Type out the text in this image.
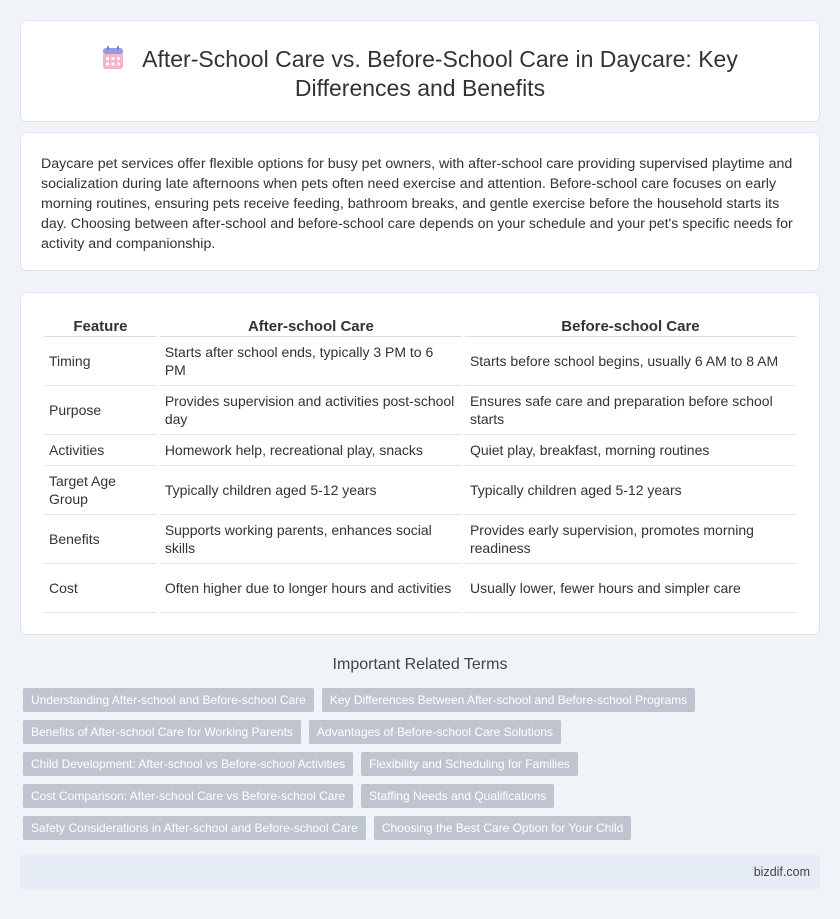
After-School Care vs. Before-School Care in Daycare: Key Differences and Benefits

Daycare pet services offer flexible options for busy pet owners, with after-school care providing supervised playtime and socialization during late afternoons when pets often need exercise and attention. Before-school care focuses on early morning routines, ensuring pets receive feeding, bathroom breaks, and gentle exercise before the household starts its day. Choosing between after-school and before-school care depends on your schedule and your pet's specific needs for activity and companionship.

Feature	After-school Care	Before-school Care
Timing	Starts after school ends, typically 3 PM to 6 PM	Starts before school begins, usually 6 AM to 8 AM
Purpose	Provides supervision and activities post-school day	Ensures safe care and preparation before school starts
Activities	Homework help, recreational play, snacks	Quiet play, breakfast, morning routines
Target Age Group	Typically children aged 5-12 years	Typically children aged 5-12 years
Benefits	Supports working parents, enhances social skills	Provides early supervision, promotes morning readiness
Cost	Often higher due to longer hours and activities	Usually lower, fewer hours and simpler care
Important Related Terms
Understanding After-school and Before-school Care	Key Differences Between After-school and Before-school Programs
Benefits of After-school Care for Working Parents	Advantages of Before-school Care Solutions
Child Development: After-school vs Before-school Activities	Flexibility and Scheduling for Families
Cost Comparison: After-school Care vs Before-school Care	Staffing Needs and Qualifications
Safety Considerations in After-school and Before-school Care	Choosing the Best Care Option for Your Child
bizdif.com
